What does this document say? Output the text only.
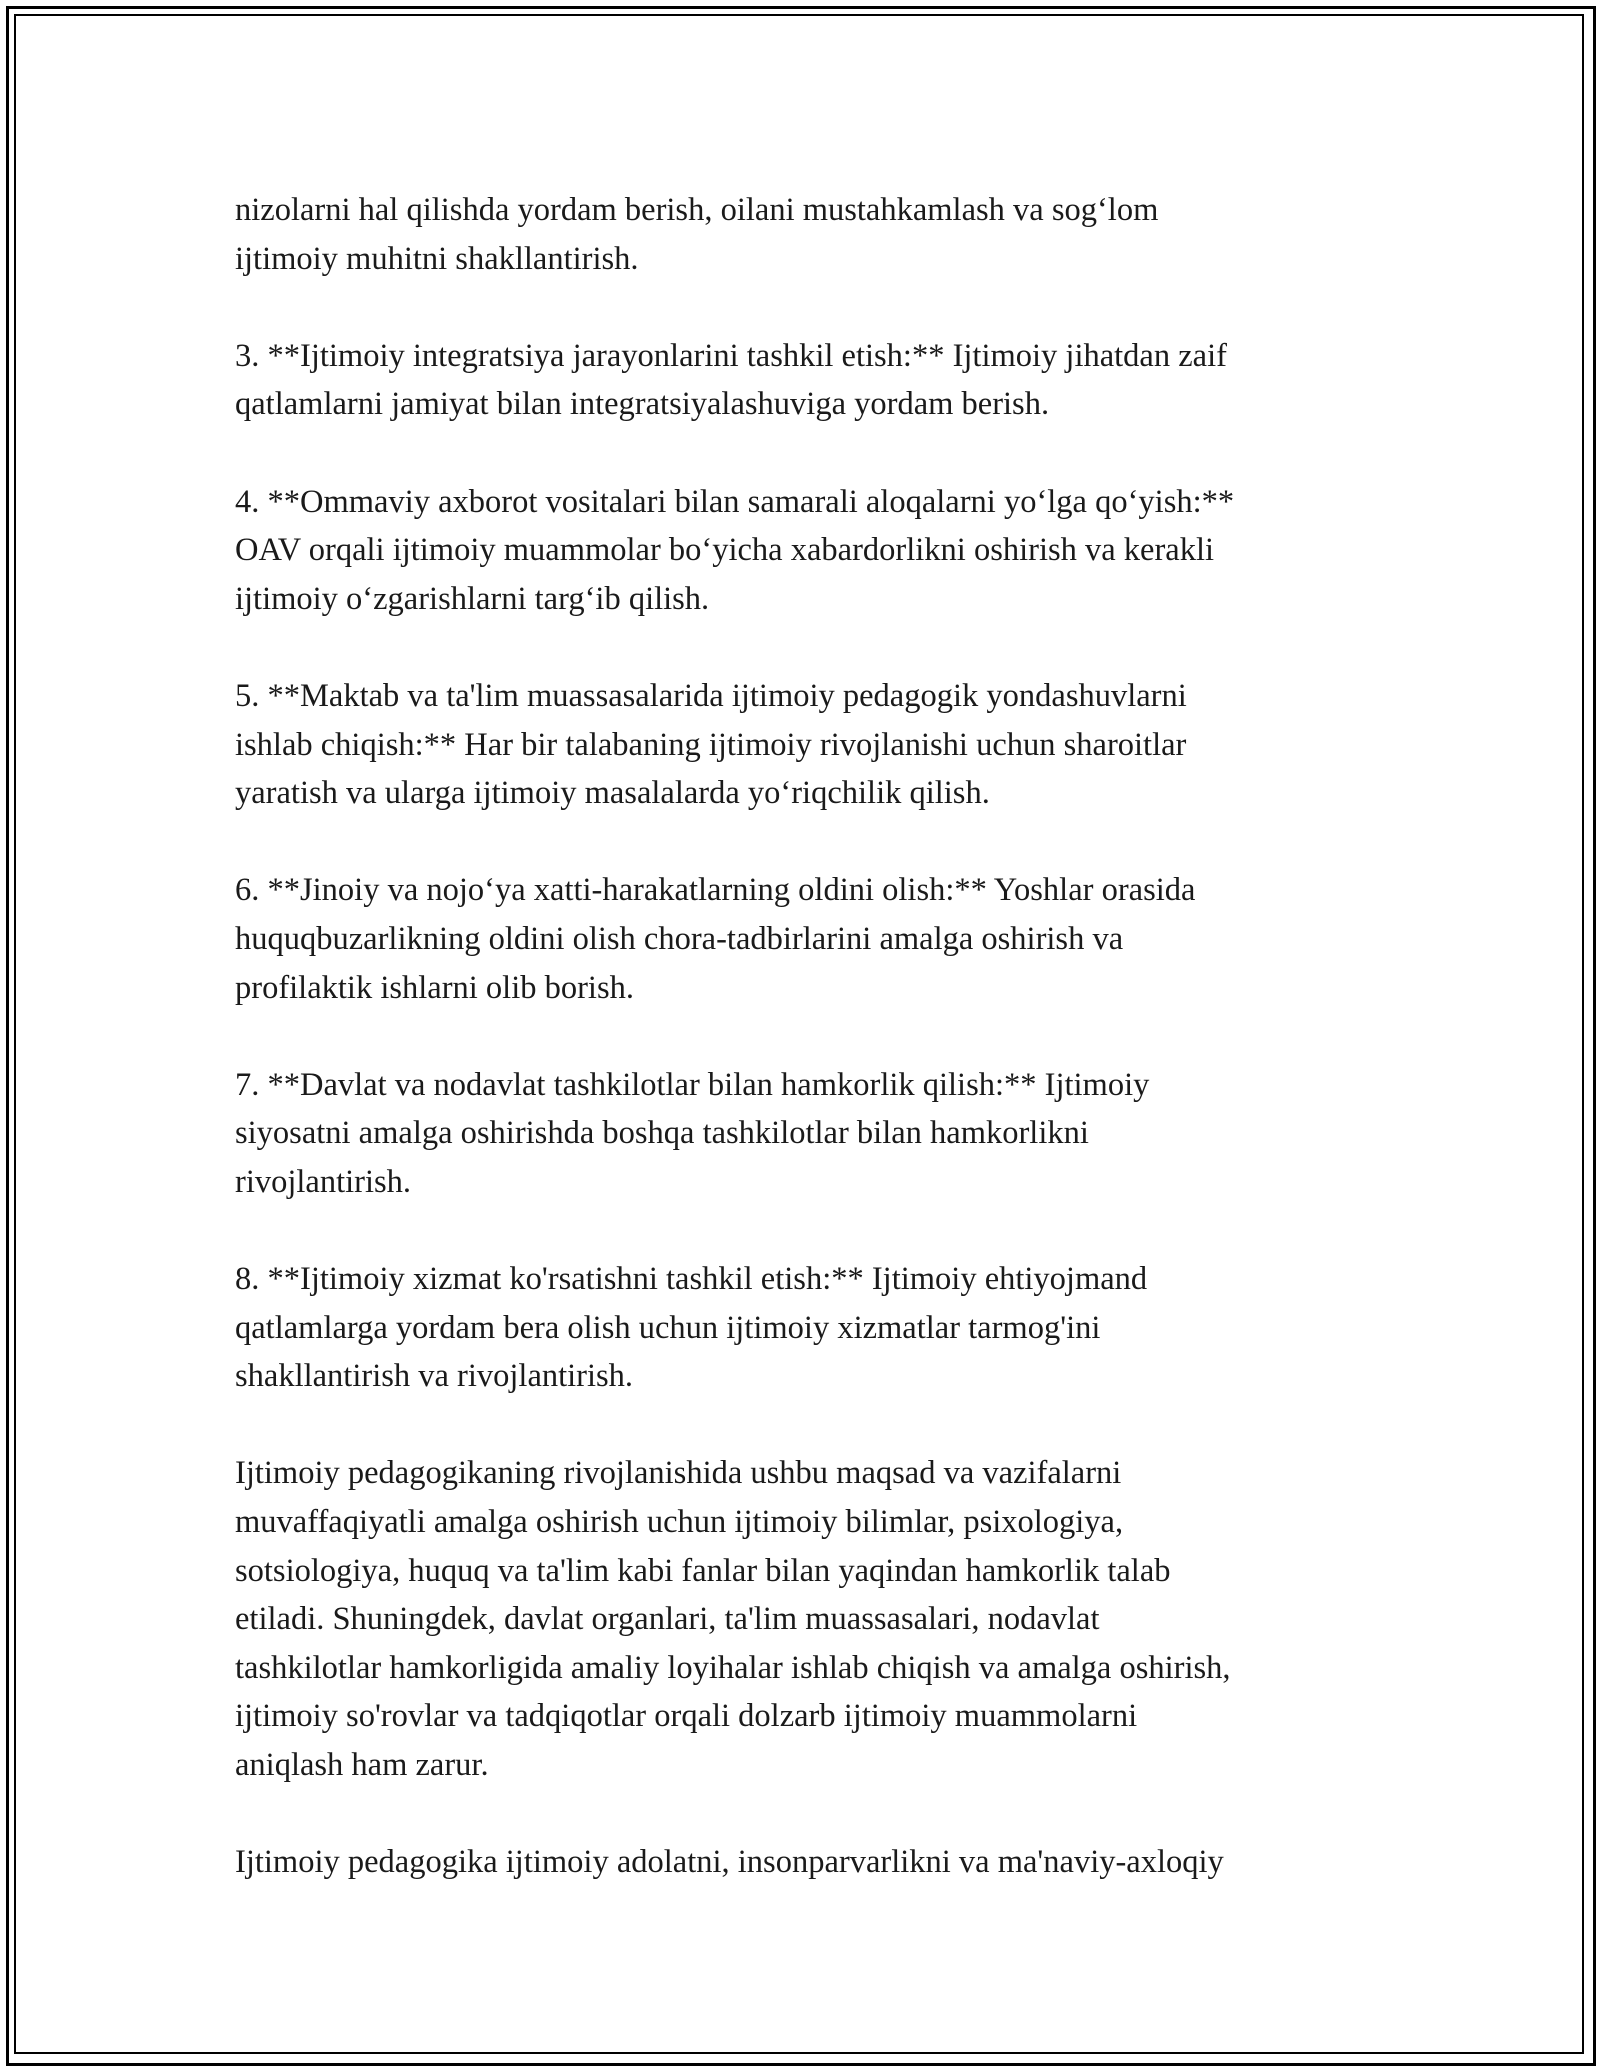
nizolarni hal qilishda yordam berish, oilani mustahkamlash va sog‘lom
ijtimoiy muhitni shakllantirish.

3. **Ijtimoiy integratsiya jarayonlarini tashkil etish:** Ijtimoiy jihatdan zaif
qatlamlarni jamiyat bilan integratsiyalashuviga yordam berish.

4. **Ommaviy axborot vositalari bilan samarali aloqalarni yo‘lga qo‘yish:**
OAV orqali ijtimoiy muammolar bo‘yicha xabardorlikni oshirish va kerakli
ijtimoiy o‘zgarishlarni targ‘ib qilish.

5. **Maktab va ta'lim muassasalarida ijtimoiy pedagogik yondashuvlarni
ishlab chiqish:** Har bir talabaning ijtimoiy rivojlanishi uchun sharoitlar
yaratish va ularga ijtimoiy masalalarda yo‘riqchilik qilish.

6. **Jinoiy va nojo‘ya xatti-harakatlarning oldini olish:** Yoshlar orasida
huquqbuzarlikning oldini olish chora-tadbirlarini amalga oshirish va
profilaktik ishlarni olib borish.

7. **Davlat va nodavlat tashkilotlar bilan hamkorlik qilish:** Ijtimoiy
siyosatni amalga oshirishda boshqa tashkilotlar bilan hamkorlikni
rivojlantirish.

8. **Ijtimoiy xizmat ko'rsatishni tashkil etish:** Ijtimoiy ehtiyojmand
qatlamlarga yordam bera olish uchun ijtimoiy xizmatlar tarmog'ini
shakllantirish va rivojlantirish.

Ijtimoiy pedagogikaning rivojlanishida ushbu maqsad va vazifalarni
muvaffaqiyatli amalga oshirish uchun ijtimoiy bilimlar, psixologiya,
sotsiologiya, huquq va ta'lim kabi fanlar bilan yaqindan hamkorlik talab
etiladi. Shuningdek, davlat organlari, ta'lim muassasalari, nodavlat
tashkilotlar hamkorligida amaliy loyihalar ishlab chiqish va amalga oshirish,
ijtimoiy so'rovlar va tadqiqotlar orqali dolzarb ijtimoiy muammolarni
aniqlash ham zarur.

Ijtimoiy pedagogika ijtimoiy adolatni, insonparvarlikni va ma'naviy-axloqiy
